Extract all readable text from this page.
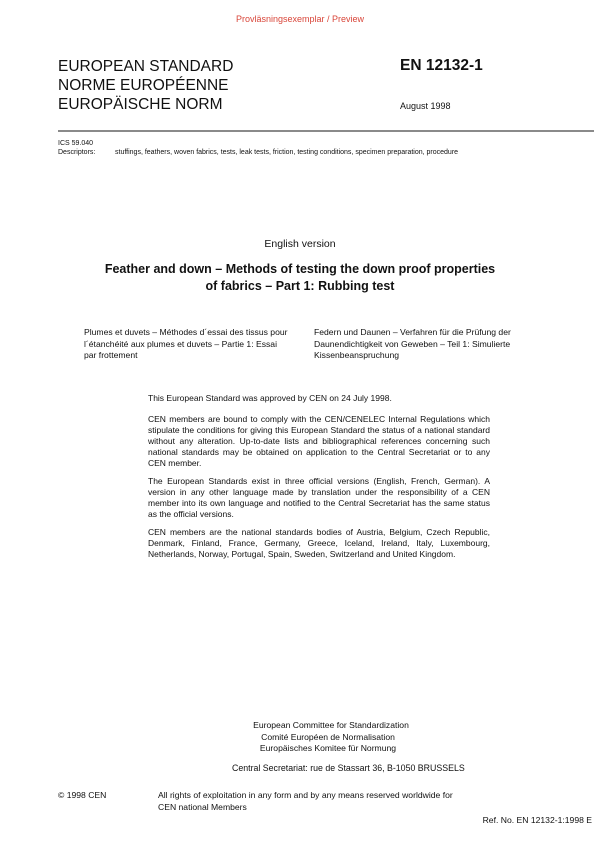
Provläsningsexemplar / Preview
EUROPEAN STANDARD
NORME EUROPÉENNE
EUROPÄISCHE NORM
EN 12132-1
August 1998
ICS 59.040
Descriptors:	stuffings, feathers, woven fabrics, tests, leak tests, friction, testing conditions, specimen preparation, procedure
English version
Feather and down – Methods of testing the down proof properties of fabrics – Part 1: Rubbing test
Plumes et duvets – Méthodes d´essai des tissus pour l´étanchéité aux plumes et duvets – Partie 1: Essai par frottement
Federn und Daunen – Verfahren für die Prüfung der Daunendichtigkeit von Geweben – Teil 1: Simulierte Kissenbeanspruchung

This European Standard was approved by CEN on 24 July 1998.

CEN members are bound to comply with the CEN/CENELEC Internal Regulations which stipulate the conditions for giving this European Standard the status of a national standard without any alteration. Up-to-date lists and bibliographical references concerning such national standards may be obtained on application to the Central Secretariat or to any CEN member.

The European Standards exist in three official versions (English, French, German). A version in any other language made by translation under the responsibility of a CEN member into its own language and notified to the Central Secretariat has the same status as the official versions.

CEN members are the national standards bodies of Austria, Belgium, Czech Republic, Denmark, Finland, France, Germany, Greece, Iceland, Ireland, Italy, Luxembourg, Netherlands, Norway, Portugal, Spain, Sweden, Switzerland and United Kingdom.

European Committee for Standardization
Comité Européen de Normalisation
Europäisches Komitee für Normung
Central Secretariat: rue de Stassart 36, B-1050 BRUSSELS
© 1998 CEN	All rights of exploitation in any form and by any means reserved worldwide for CEN national Members
Ref. No. EN 12132-1:1998 E
